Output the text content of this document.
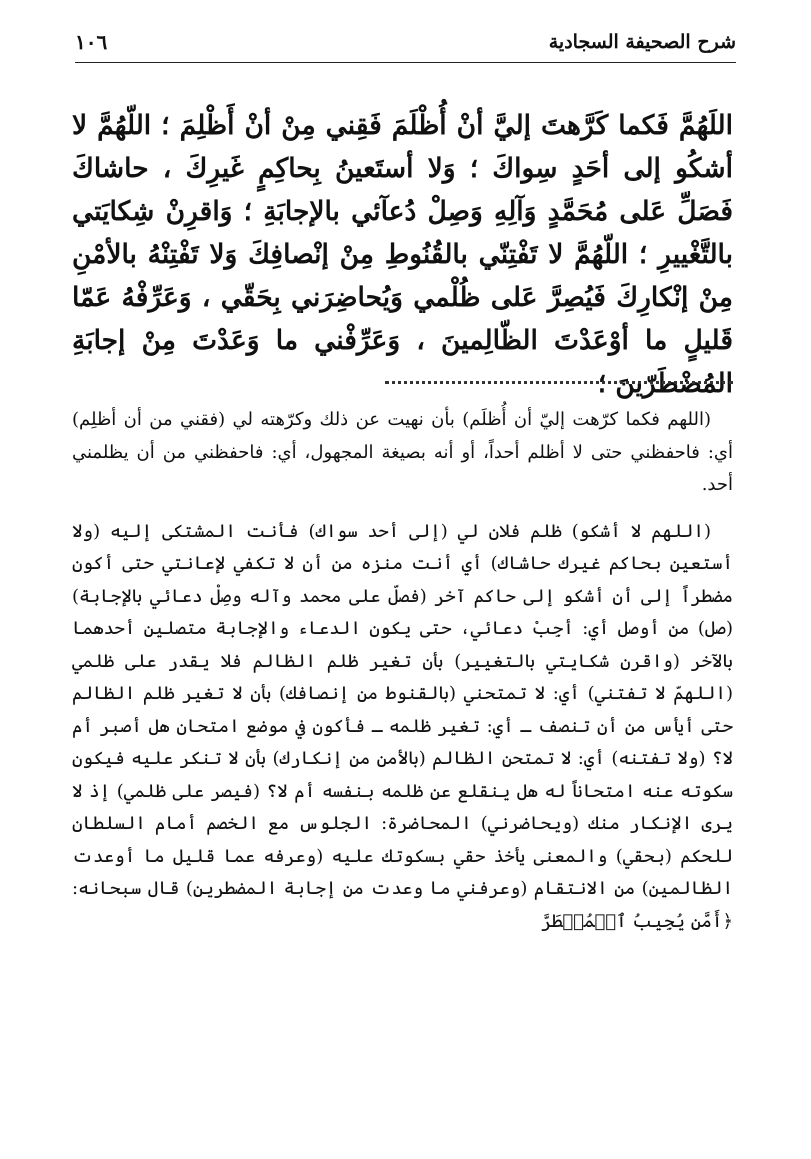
١٠٦	شرح الصحيفة السجادية
اللَهُمَّ فَكما كَرَّهتَ إليَّ أنْ أُظْلَمَ فَقِني مِنْ أنْ أَظْلِمَ ؛ اللّهُمَّ لا أشكُو إلى أحَدٍ سِواكَ ؛ وَلا أستَعينُ بِحاكِمٍ غَيرِكَ ، حاشاكَ فَصَلِّ عَلى مُحَمَّدٍ وَآلِهِ وَصِلْ دُعآئي بالإجابَةِ ؛ وَاقرِنْ شِكايَتي بالتَّغْييرِ ؛ اللّهُمَّ لا تَفْتِنّي بالقُنُوطِ مِنْ إنْصافِكَ وَلا تَفْتِنْهُ بالأمْنِ مِنْ إنْكارِكَ فَيُصِرَّ عَلى ظُلْمي وَيُحاضِرَني بِحَقّي ، وَعَرِّفْهُ عَمّا قَليلٍ ما أوْعَدْتَ الظّالِمينَ ، وَعَرِّفْني ما وَعَدْتَ مِنْ إجابَةِ المُضْطَرّينَ ؛

(اللهم فكما كرّهت إليّ أن أُظلَم) بأن نهيت عن ذلك وكرّهته لي (فقني من أن أظلِم) أي: فاحفظني حتى لا أظلم أحداً، أو أنه بصيغة المجهول، أي: فاحفظني من أن يظلمني أحد.

(اللهم لا أشكو) ظلم فلان لي (إلى أحد سواك) فأنت المشتكى إليه (ولا أستعين بحاكم غيرك حاشاك) أي أنت منزه من أن لا تكفي لإعانتي حتى أكون مضطراً إلى أن أشكو إلى حاكم آخر (فصلّ على محمد وآله وصِلْ دعائي بالإجابة) (صل) من أوصل أي: أجِبْ دعائي، حتى يكون الدعاء والإجابة متصلين أحدهما بالآخر (واقرن شكايتي بالتغيير) بأن تغير ظلم الظالم فلا يقدر على ظلمي (اللهمّ لا تفتني) أي: لا تمتحني (بالقنوط من إنصافك) بأن لا تغير ظلم الظالم حتى أيأس من أن تنصف ـ أي: تغير ظلمه ـ فأكون في موضع امتحان هل أصبر أم لا؟ (ولا تفتنه) أي: لا تمتحن الظالم (بالأمن من إنكارك) بأن لا تنكر عليه فيكون سكوته عنه امتحاناً له هل ينقلع عن ظلمه بنفسه أم لا؟ (فيصر على ظلمي) إذ لا يرى الإنكار منك (ويحاضرني) المحاضرة: الجلوس مع الخصم أمام السلطان للحكم (بحقي) والمعنى يأخذ حقي بسكوتك عليه (وعرفه عما قليل ما أوعدت الظالمين) من الانتقام (وعرفني ما وعدت من إجابة المضطرين) قال سبحانه: ﴿أَمَّن يُجِيبُ ٱلۡمُضۡطَرَّ
